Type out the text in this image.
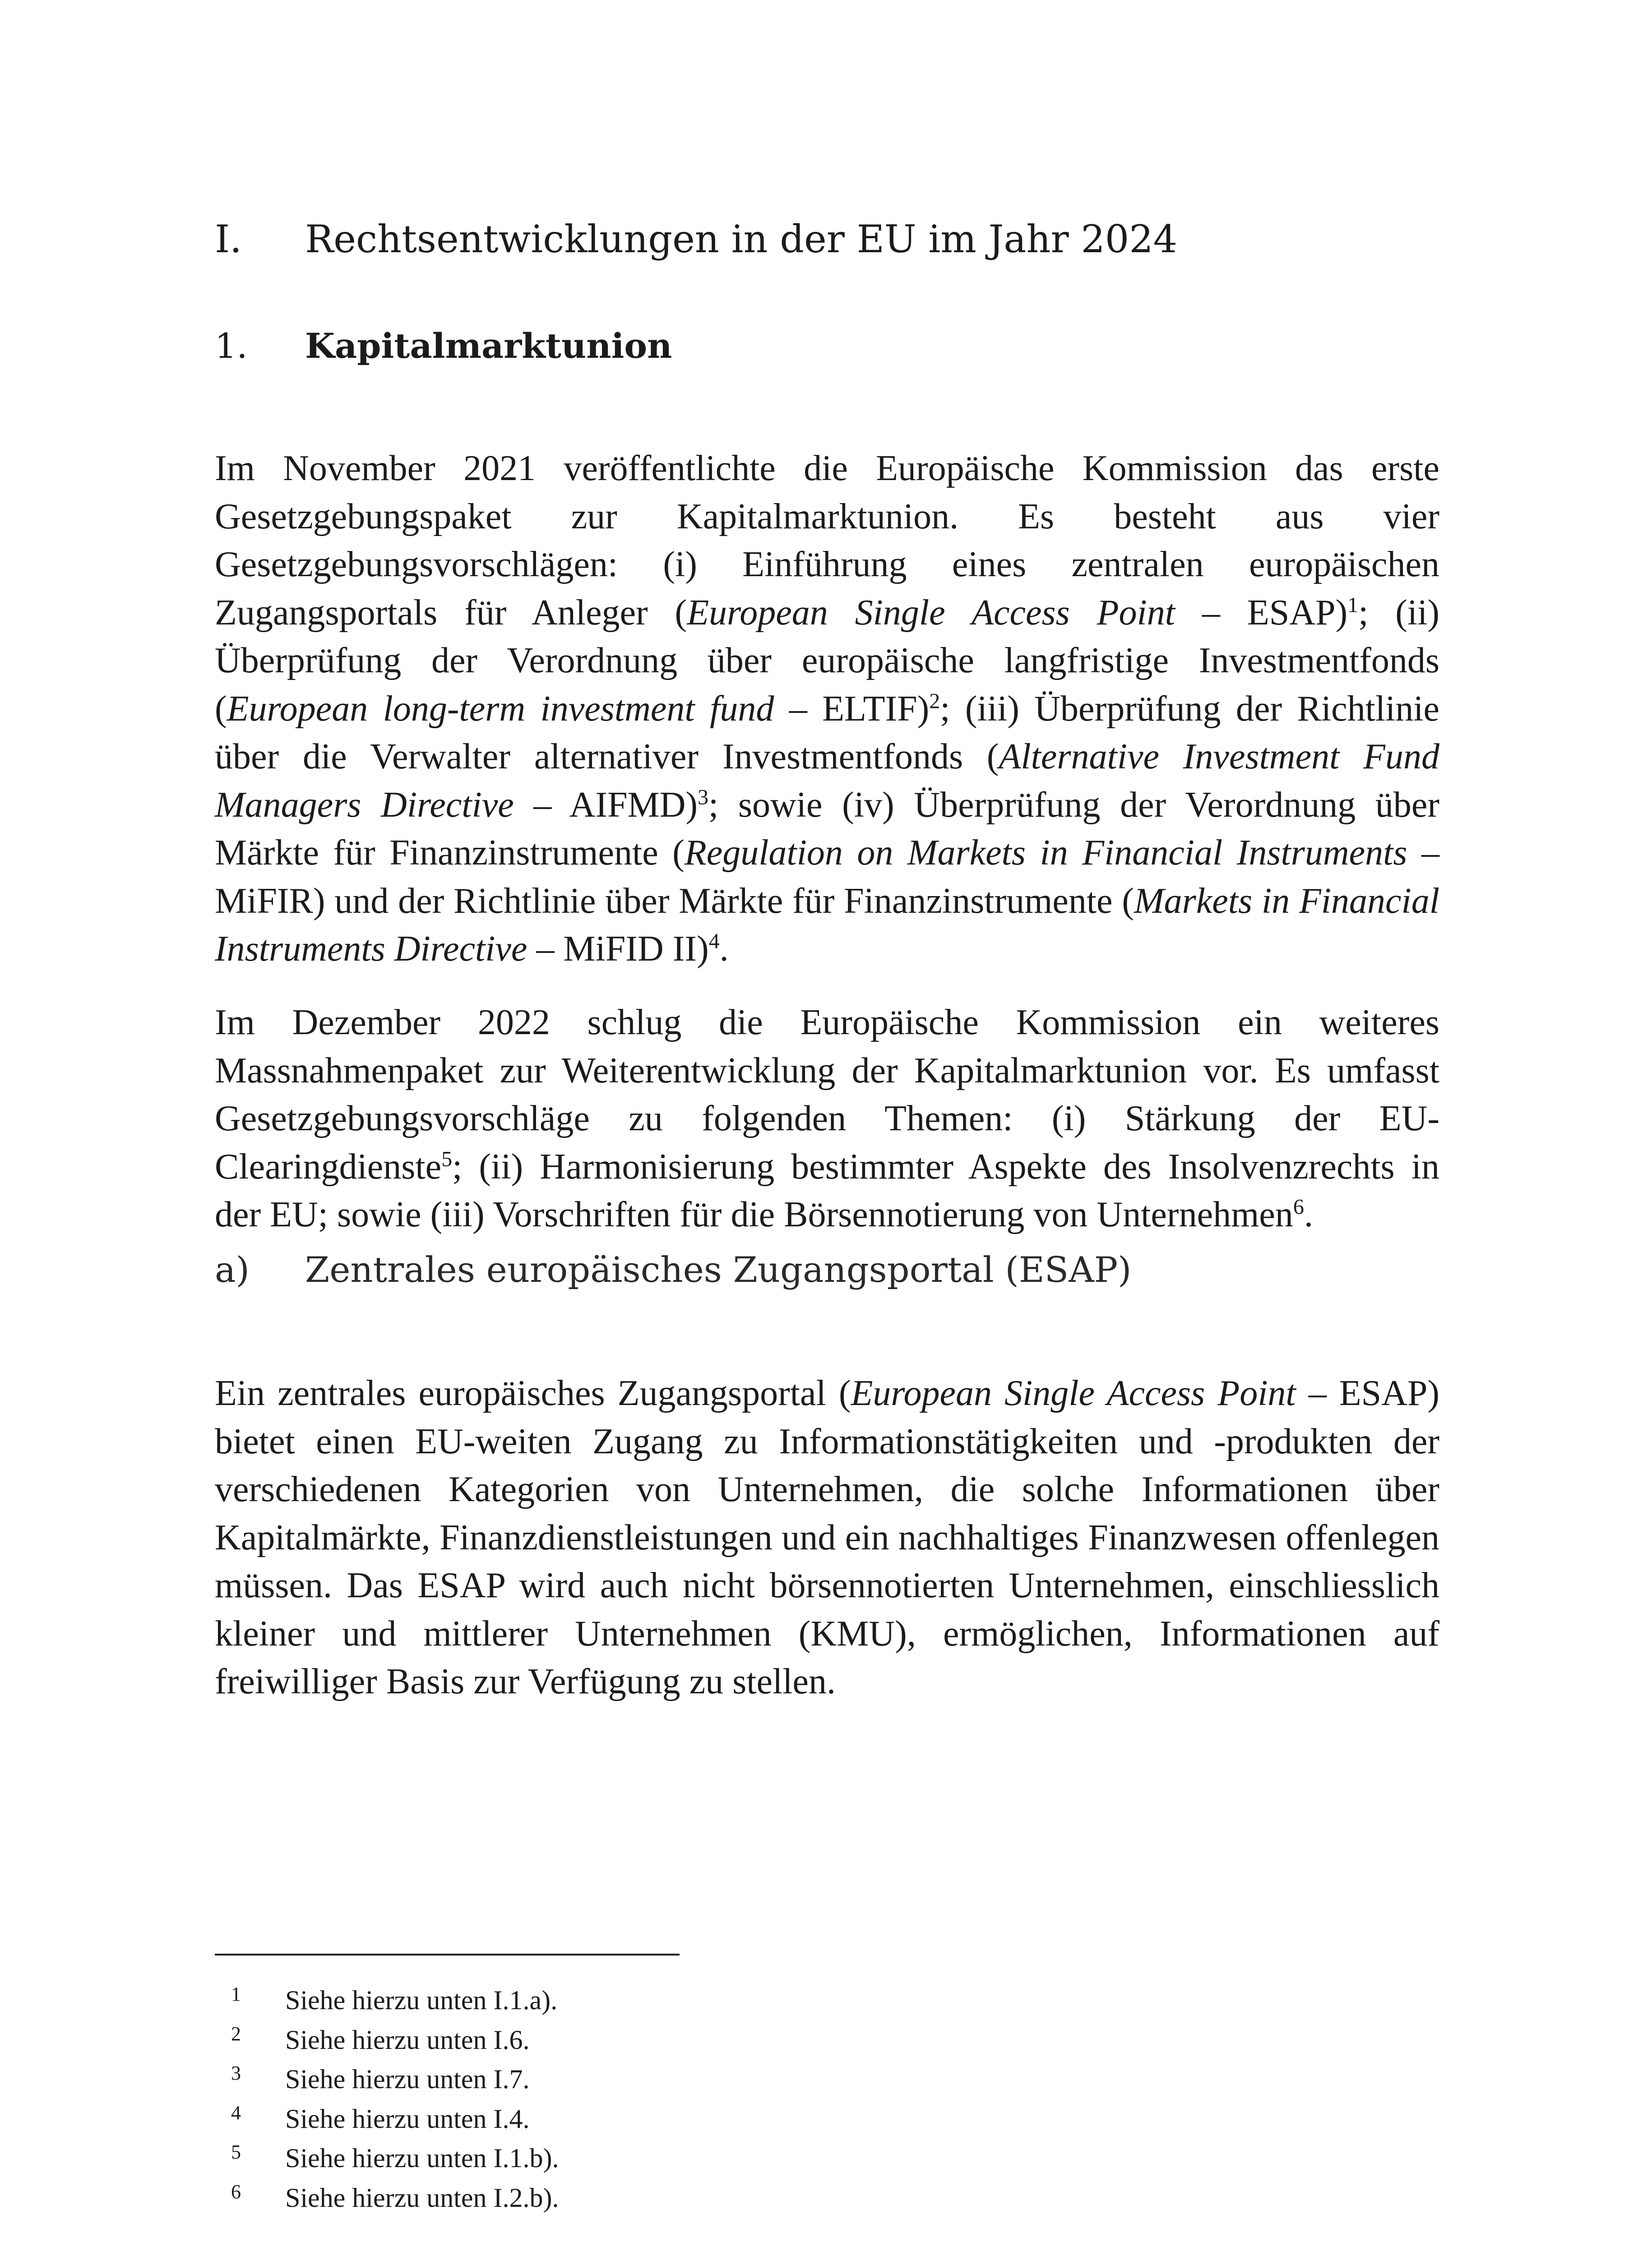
I. Rechtsentwicklungen in der EU im Jahr 2024
1. Kapitalmarktunion

Im November 2021 veröffentlichte die Europäische Kommission das erste Gesetzgebungspaket zur Kapitalmarktunion. Es besteht aus vier Gesetzgebungsvorschlägen: (i) Einführung eines zentralen europäischen Zugangsportals für Anleger (European Single Access Point – ESAP)$^1$; (ii) Überprüfung der Verordnung über europäische langfristige Investmentfonds (European long-term investment fund – ELTIF)$^2$; (iii) Überprüfung der Richtlinie über die Verwalter alternativer Investmentfonds (Alternative Investment Fund Managers Directive – AIFMD)$^3$; sowie (iv) Überprüfung der Verordnung über Märkte für Finanzinstrumente (Regulation on Markets in Financial Instruments – MiFIR) und der Richtlinie über Märkte für Finanzinstrumente (Markets in Financial Instruments Directive – MiFID II)$^4$.

Im Dezember 2022 schlug die Europäische Kommission ein weiteres Massnahmenpaket zur Weiterentwicklung der Kapitalmarktunion vor. Es umfasst Gesetzgebungsvorschläge zu folgenden Themen: (i) Stärkung der EU-Clearingdienste$^5$; (ii) Harmonisierung bestimmter Aspekte des Insolvenzrechts in der EU; sowie (iii) Vorschriften für die Börsennotierung von Unternehmen$^6$.

a) Zentrales europäisches Zugangsportal (ESAP)

Ein zentrales europäisches Zugangsportal (European Single Access Point – ESAP) bietet einen EU-weiten Zugang zu Informationstätigkeiten und -produkten der verschiedenen Kategorien von Unternehmen, die solche Informationen über Kapitalmärkte, Finanzdienstleistungen und ein nachhaltiges Finanzwesen offenlegen müssen. Das ESAP wird auch nicht börsennotierten Unternehmen, einschliesslich kleiner und mittlerer Unternehmen (KMU), ermöglichen, Informationen auf freiwilliger Basis zur Verfügung zu stellen.

1	Siehe hierzu unten I.1.a).
2	Siehe hierzu unten I.6.
3	Siehe hierzu unten I.7.
4	Siehe hierzu unten I.4.
5	Siehe hierzu unten I.1.b).
6	Siehe hierzu unten I.2.b).
